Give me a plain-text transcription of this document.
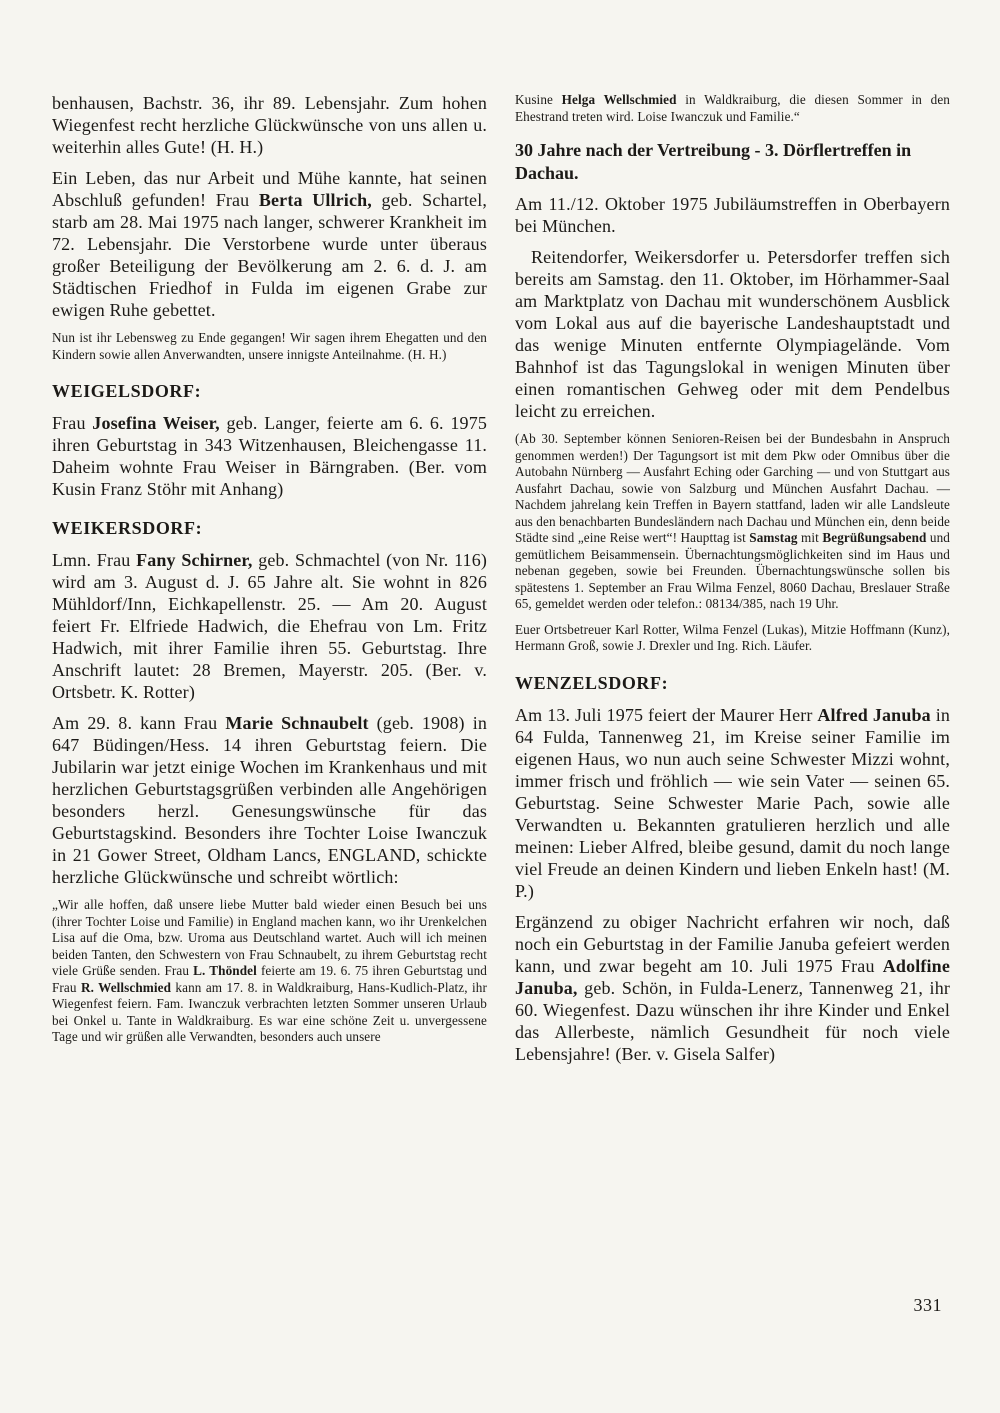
benhausen, Bachstr. 36, ihr 89. Lebensjahr. Zum hohen Wiegenfest recht herzliche Glückwünsche von uns allen u. weiterhin alles Gute! (H. H.)

Ein Leben, das nur Arbeit und Mühe kannte, hat seinen Abschluß gefunden! Frau Berta Ullrich, geb. Schartel, starb am 28. Mai 1975 nach langer, schwerer Krankheit im 72. Lebensjahr. Die Verstorbene wurde unter überaus großer Beteiligung der Bevölkerung am 2. 6. d. J. am Städtischen Friedhof in Fulda im eigenen Grabe zur ewigen Ruhe gebettet.

Nun ist ihr Lebensweg zu Ende gegangen! Wir sagen ihrem Ehegatten und den Kindern sowie allen Anverwandten, unsere innigste Anteilnahme. (H. H.)

WEIGELSDORF:

Frau Josefina Weiser, geb. Langer, feierte am 6. 6. 1975 ihren Geburtstag in 343 Witzenhausen, Bleichengasse 11. Daheim wohnte Frau Weiser in Bärngraben. (Ber. vom Kusin Franz Stöhr mit Anhang)

WEIKERSDORF:

Lmn. Frau Fany Schirner, geb. Schmachtel (von Nr. 116) wird am 3. August d. J. 65 Jahre alt. Sie wohnt in 826 Mühldorf/Inn, Eichkapellenstr. 25. — Am 20. August feiert Fr. Elfriede Hadwich, die Ehefrau von Lm. Fritz Hadwich, mit ihrer Familie ihren 55. Geburtstag. Ihre Anschrift lautet: 28 Bremen, Mayerstr. 205. (Ber. v. Ortsbetr. K. Rotter)

Am 29. 8. kann Frau Marie Schnaubelt (geb. 1908) in 647 Büdingen/Hess. 14 ihren Geburtstag feiern. Die Jubilarin war jetzt einige Wochen im Krankenhaus und mit herzlichen Geburtstagsgrüßen verbinden alle Angehörigen besonders herzl. Genesungswünsche für das Geburtstagskind. Besonders ihre Tochter Loise Iwanczuk in 21 Gower Street, Oldham Lancs, ENGLAND, schickte herzliche Glückwünsche und schreibt wörtlich:

„Wir alle hoffen, daß unsere liebe Mutter bald wieder einen Besuch bei uns (ihrer Tochter Loise und Familie) in England machen kann, wo ihr Urenkelchen Lisa auf die Oma, bzw. Uroma aus Deutschland wartet. Auch will ich meinen beiden Tanten, den Schwestern von Frau Schnaubelt, zu ihrem Geburtstag recht viele Grüße senden. Frau L. Thöndel feierte am 19. 6. 75 ihren Geburtstag und Frau R. Wellschmied kann am 17. 8. in Waldkraiburg, Hans-Kudlich-Platz, ihr Wiegenfest feiern. Fam. Iwanczuk verbrachten letzten Sommer unseren Urlaub bei Onkel u. Tante in Waldkraiburg. Es war eine schöne Zeit u. unvergessene Tage und wir grüßen alle Verwandten, besonders auch unsere

Kusine Helga Wellschmied in Waldkraiburg, die diesen Sommer in den Ehestrand treten wird. Loise Iwanczuk und Familie.“

30 Jahre nach der Vertreibung - 3. Dörflertreffen in Dachau.

Am 11./12. Oktober 1975 Jubiläumstreffen in Oberbayern bei München.

Reitendorfer, Weikersdorfer u. Petersdorfer treffen sich bereits am Samstag. den 11. Oktober, im Hörhammer-Saal am Marktplatz von Dachau mit wunderschönem Ausblick vom Lokal aus auf die bayerische Landeshauptstadt und das wenige Minuten entfernte Olympiagelände. Vom Bahnhof ist das Tagungslokal in wenigen Minuten über einen romantischen Gehweg oder mit dem Pendelbus leicht zu erreichen.

(Ab 30. September können Senioren-Reisen bei der Bundesbahn in Anspruch genommen werden!) Der Tagungsort ist mit dem Pkw oder Omnibus über die Autobahn Nürnberg — Ausfahrt Eching oder Garching — und von Stuttgart aus Ausfahrt Dachau, sowie von Salzburg und München Ausfahrt Dachau. — Nachdem jahrelang kein Treffen in Bayern stattfand, laden wir alle Landsleute aus den benachbarten Bundesländern nach Dachau und München ein, denn beide Städte sind „eine Reise wert“! Haupttag ist Samstag mit Begrüßungsabend und gemütlichem Beisammensein. Übernachtungsmöglichkeiten sind im Haus und nebenan gegeben, sowie bei Freunden. Übernachtungswünsche sollen bis spätestens 1. September an Frau Wilma Fenzel, 8060 Dachau, Breslauer Straße 65, gemeldet werden oder telefon.: 08134/385, nach 19 Uhr.

Euer Ortsbetreuer Karl Rotter, Wilma Fenzel (Lukas), Mitzie Hoffmann (Kunz), Hermann Groß, sowie J. Drexler und Ing. Rich. Läufer.

WENZELSDORF:

Am 13. Juli 1975 feiert der Maurer Herr Alfred Januba in 64 Fulda, Tannenweg 21, im Kreise seiner Familie im eigenen Haus, wo nun auch seine Schwester Mizzi wohnt, immer frisch und fröhlich — wie sein Vater — seinen 65. Geburtstag. Seine Schwester Marie Pach, sowie alle Verwandten u. Bekannten gratulieren herzlich und alle meinen: Lieber Alfred, bleibe gesund, damit du noch lange viel Freude an deinen Kindern und lieben Enkeln hast! (M. P.)

Ergänzend zu obiger Nachricht erfahren wir noch, daß noch ein Geburtstag in der Familie Januba gefeiert werden kann, und zwar begeht am 10. Juli 1975 Frau Adolfine Januba, geb. Schön, in Fulda-Lenerz, Tannenweg 21, ihr 60. Wiegenfest. Dazu wünschen ihr ihre Kinder und Enkel das Allerbeste, nämlich Gesundheit für noch viele Lebensjahre! (Ber. v. Gisela Salfer)

331
